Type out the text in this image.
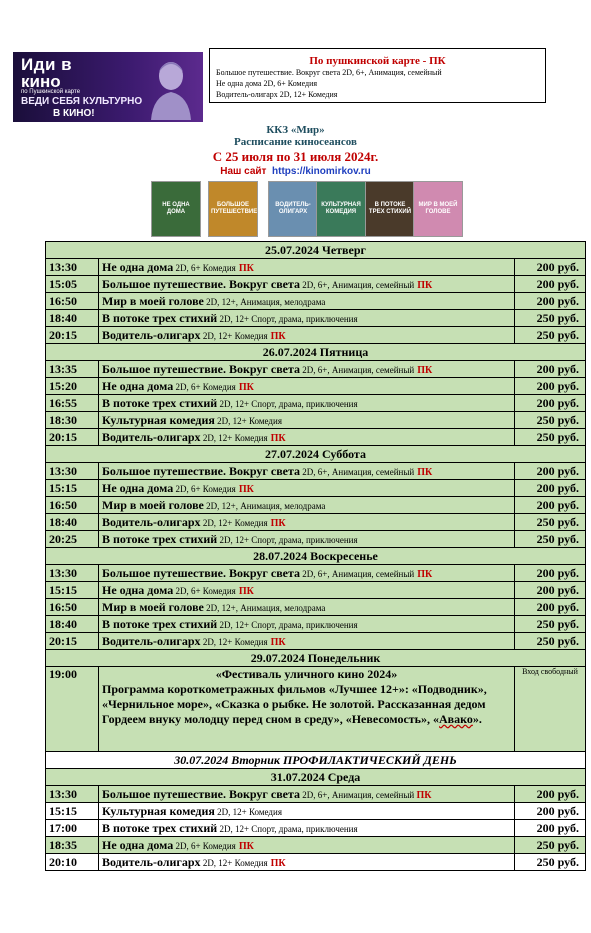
Иди в
кино
по Пушкинской карте
ВЕДИ СЕБЯ КУЛЬТУРНО
В КИНО!
По пушкинской карте - ПК
Большое путешествие. Вокруг света 2D, 6+, Анимация, семейный
Не одна дома 2D, 6+ Комедия
Водитель-олигарх 2D, 12+ Комедия
ККЗ «Мир»
Расписание киносеансов
С 25 июля по 31 июля 2024г.
Наш сайт https://kinomirkov.ru
НЕ ОДНА ДОМА
БОЛЬШОЕ ПУТЕШЕСТВИЕ
ВОДИТЕЛЬ-ОЛИГАРХ
КУЛЬТУРНАЯ КОМЕДИЯ
В ПОТОКЕ ТРЕХ СТИХИЙ
МИР В МОЕЙ ГОЛОВЕ
25.07.2024 Четверг		
13:30	Не одна дома 2D, 6+ Комедия ПК	200 руб.
15:05	Большое путешествие. Вокруг света 2D, 6+, Анимация, семейный ПК	200 руб.
16:50	Мир в моей голове 2D, 12+, Анимация, мелодрама	200 руб.
18:40	В потоке трех стихий 2D, 12+ Спорт, драма, приключения	250 руб.
20:15	Водитель-олигарх 2D, 12+ Комедия ПК	250 руб.
26.07.2024 Пятница		
13:35	Большое путешествие. Вокруг света 2D, 6+, Анимация, семейный ПК	200 руб.
15:20	Не одна дома 2D, 6+ Комедия ПК	200 руб.
16:55	В потоке трех стихий 2D, 12+ Спорт, драма, приключения	200 руб.
18:30	Культурная комедия 2D, 12+ Комедия	250 руб.
20:15	Водитель-олигарх 2D, 12+ Комедия ПК	250 руб.
27.07.2024 Суббота		
13:30	Большое путешествие. Вокруг света 2D, 6+, Анимация, семейный ПК	200 руб.
15:15	Не одна дома 2D, 6+ Комедия ПК	200 руб.
16:50	Мир в моей голове 2D, 12+, Анимация, мелодрама	200 руб.
18:40	Водитель-олигарх 2D, 12+ Комедия ПК	250 руб.
20:25	В потоке трех стихий 2D, 12+ Спорт, драма, приключения	250 руб.
28.07.2024 Воскресенье		
13:30	Большое путешествие. Вокруг света 2D, 6+, Анимация, семейный ПК	200 руб.
15:15	Не одна дома 2D, 6+ Комедия ПК	200 руб.
16:50	Мир в моей голове 2D, 12+, Анимация, мелодрама	200 руб.
18:40	В потоке трех стихий 2D, 12+ Спорт, драма, приключения	250 руб.
20:15	Водитель-олигарх 2D, 12+ Комедия ПК	250 руб.
29.07.2024 Понедельник		
19:00	«Фестиваль уличного кино 2024»
Программа короткометражных фильмов «Лучшее 12+»: «Подводник», «Чернильное море», «Сказка о рыбке. Не золотой. Рассказанная дедом Гордеем внуку молодцу перед сном в среду», «Невесомость», «Авако».	Вход свободный

30.07.2024 Вторник ПРОФИЛАКТИЧЕСКИЙ ДЕНЬ		
31.07.2024 Среда		
13:30	Большое путешествие. Вокруг света 2D, 6+, Анимация, семейный ПК	200 руб.
15:15	Культурная комедия 2D, 12+ Комедия	200 руб.
17:00	В потоке трех стихий 2D, 12+ Спорт, драма, приключения	200 руб.
18:35	Не одна дома 2D, 6+ Комедия ПК	250 руб.
20:10	Водитель-олигарх 2D, 12+ Комедия ПК	250 руб.
